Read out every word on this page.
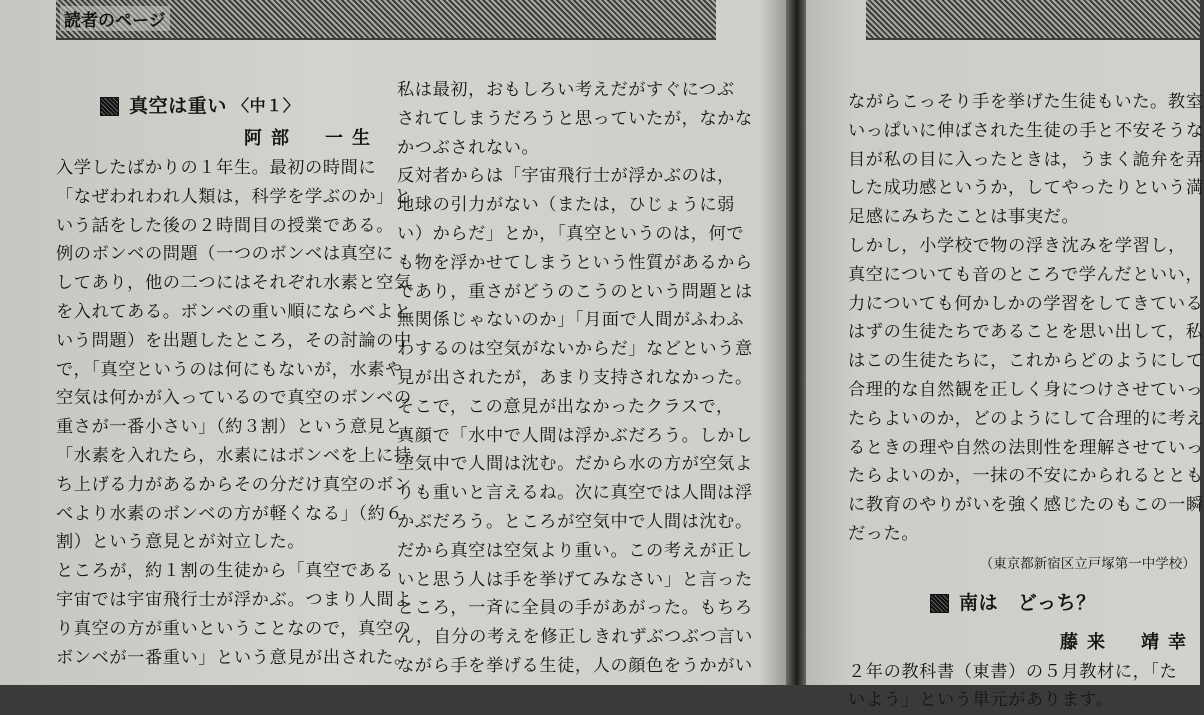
読者のページ
真空は重い 〈中１〉
阿部　一生
入学したばかりの１年生。最初の時間に
「なぜわれわれ人類は，科学を学ぶのか」と
いう話をした後の２時間目の授業である。
例のボンベの問題（一つのボンベは真空に
してあり，他の二つにはそれぞれ水素と空気
を入れてある。ボンベの重い順にならべよと
いう問題）を出題したところ，その討論の中
で，「真空というのは何にもないが，水素や
空気は何かが入っているので真空のボンベの
重さが一番小さい」（約３割）という意見と，
「水素を入れたら，水素にはボンベを上に持
ち上げる力があるからその分だけ真空のボン
べより水素のボンベの方が軽くなる」（約６
割）という意見とが対立した。
ところが，約１割の生徒から「真空である
宇宙では宇宙飛行士が浮かぶ。つまり人間よ
り真空の方が重いということなので，真空の
ボンベが一番重い」という意見が出された。
私は最初，おもしろい考えだがすぐにつぶ
されてしまうだろうと思っていたが，なかな
かつぶされない。
反対者からは「宇宙飛行士が浮かぶのは，
地球の引力がない（または，ひじょうに弱
い）からだ」とか，「真空というのは，何で
も物を浮かせてしまうという性質があるから
であり，重さがどうのこうのという問題とは
無関係じゃないのか」「月面で人間がふわふ
わするのは空気がないからだ」などという意
見が出されたが，あまり支持されなかった。
そこで，この意見が出なかったクラスで，
真顔で「水中で人間は浮かぶだろう。しかし
空気中で人間は沈む。だから水の方が空気よ
りも重いと言えるね。次に真空では人間は浮
かぶだろう。ところが空気中で人間は沈む。
だから真空は空気より重い。この考えが正し
いと思う人は手を挙げてみなさい」と言った
ところ，一斉に全員の手があがった。もちろ
ん，自分の考えを修正しきれずぶつぶつ言い
ながら手を挙げる生徒，人の顔色をうかがい
ながらこっそり手を挙げた生徒もいた。教室
いっぱいに伸ばされた生徒の手と不安そうな
目が私の目に入ったときは，うまく詭弁を弄
した成功感というか，してやったりという満
足感にみちたことは事実だ。
しかし，小学校で物の浮き沈みを学習し，
真空についても音のところで学んだといい，
力についても何かしかの学習をしてきている
はずの生徒たちであることを思い出して，私
はこの生徒たちに，これからどのようにして
合理的な自然観を正しく身につけさせていっ
たらよいのか，どのようにして合理的に考え
るときの理や自然の法則性を理解させていっ
たらよいのか，一抹の不安にかられるととも
に教育のやりがいを強く感じたのもこの一瞬
だった。
（東京都新宿区立戸塚第一中学校）
南は　どっち？
藤来　靖幸
２年の教科書（東書）の５月教材に，「た
いよう」という単元があります。
